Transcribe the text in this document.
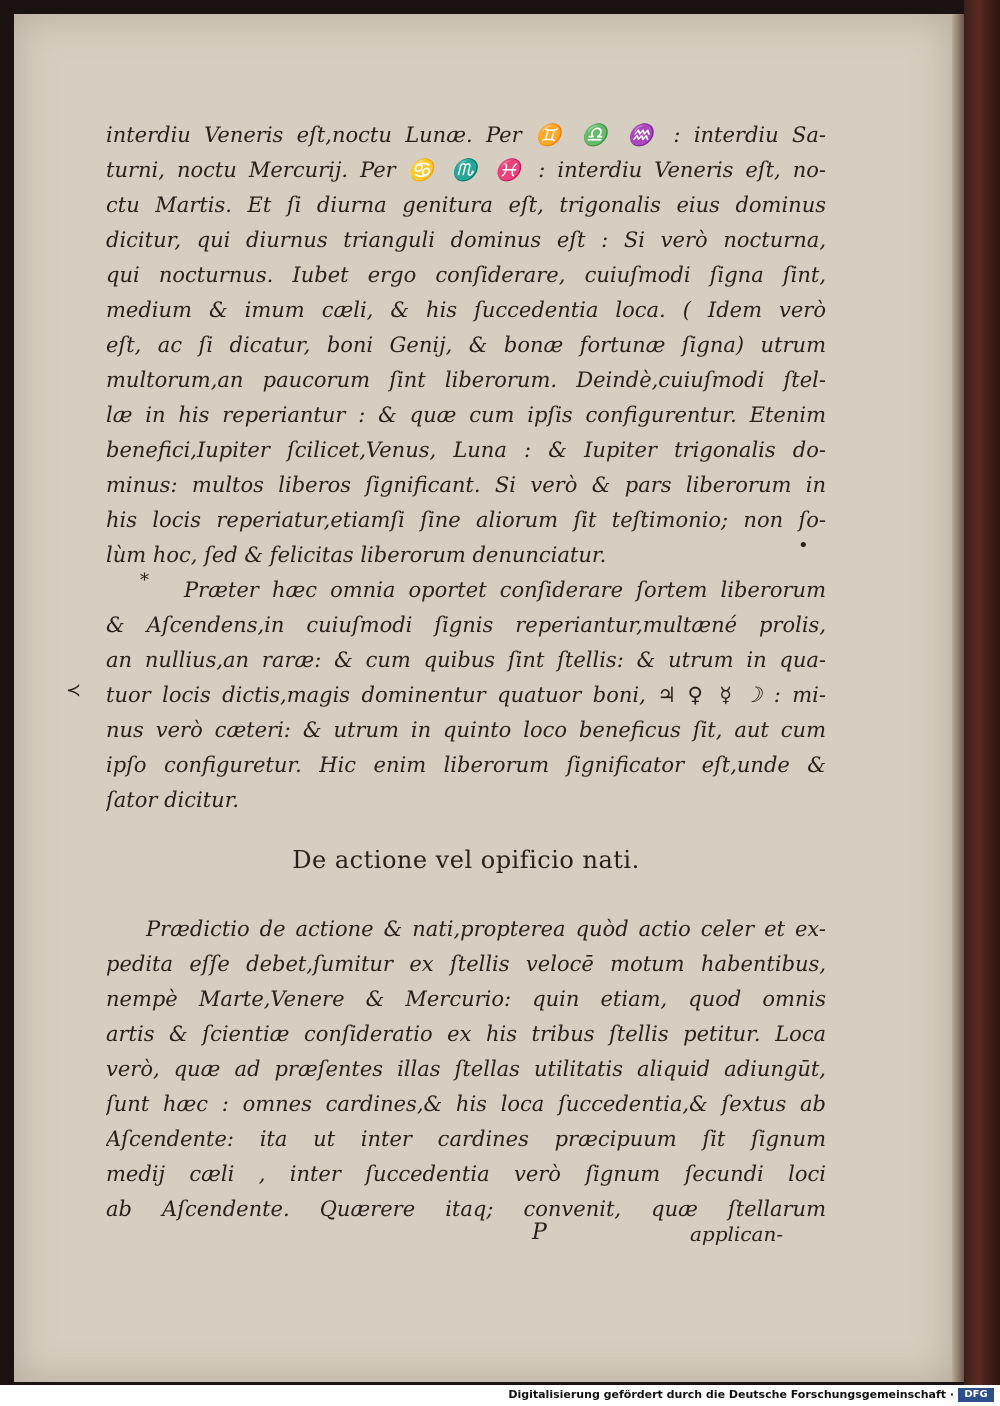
*
≺
•
interdiu Veneris eſt,noctu Lunæ. Per ♊ ♎ ♒ : interdiu Sa-
turni, noctu Mercurij. Per ♋ ♏ ♓ : interdiu Veneris eſt, no-
ctu Martis. Et ſi diurna genitura eſt, trigonalis eius dominus
dicitur, qui diurnus trianguli dominus eſt : Si verò nocturna,
qui nocturnus. Iubet ergo conſiderare, cuiuſmodi ſigna ſint,
medium & imum cæli, & his ſuccedentia loca. ( Idem verò
eſt, ac ſi dicatur, boni Genij, & bonæ fortunæ ſigna) utrum
multorum,an paucorum ſint liberorum. Deindè,cuiuſmodi ſtel-
læ in his reperiantur : & quæ cum ipſis configurentur. Etenim
benefici,Iupiter ſcilicet,Venus, Luna : & Iupiter trigonalis do-
minus: multos liberos ſignificant. Si verò & pars liberorum in
his locis reperiatur,etiamſi ſine aliorum ſit teſtimonio; non ſo-
lùm hoc, ſed & felicitas liberorum denunciatur.
Præter hæc omnia oportet conſiderare ſortem liberorum
& Aſcendens,in cuiuſmodi ſignis reperiantur,multæné prolis,
an nullius,an raræ: & cum quibus ſint ſtellis: & utrum in qua-
tuor locis dictis,magis dominentur quatuor boni, ♃ ♀ ☿ ☽ : mi-
nus verò cæteri: & utrum in quinto loco beneficus ſit, aut cum
ipſo configuretur. Hic enim liberorum ſignificator eſt,unde &
ſator dicitur.
De actione vel opificio nati.
Prædictio de actione & nati,propterea quòd actio celer et ex-
pedita eſſe debet,ſumitur ex ſtellis velocē motum habentibus,
nempè Marte,Venere & Mercurio: quin etiam, quod omnis
artis & ſcientiæ conſideratio ex his tribus ſtellis petitur. Loca
verò, quæ ad præſentes illas ſtellas utilitatis aliquid adiungūt,
ſunt hæc : omnes cardines,& his loca ſuccedentia,& ſextus ab
Aſcendente: ita ut inter cardines præcipuum ſit ſignum
medij cæli , inter ſuccedentia verò ſignum ſecundi loci
ab Aſcendente. Quærere itaq; convenit, quæ ſtellarum
P	applican-
Digitalisierung gefördert durch die Deutsche Forschungsgemeinschaft ·	DFG
